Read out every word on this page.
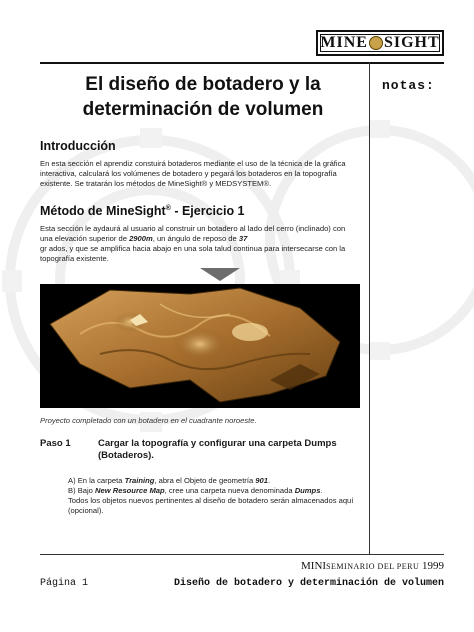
MINE SIGHT
notas:
El diseño de botadero y la
determinación de volumen
Introducción
En esta sección el aprendiz constuirá botaderos mediante el uso de la técnica de la gráfica
interactiva, calculará los volúmenes de botadero y pegará los botaderos en la topografía
existente. Se tratarán los métodos de MineSight® y MEDSYSTEM®.
Método de MineSight® - Ejercicio 1
Esta sección le aydaurá al usuario al construir un botadero al lado del cerro (inclinado) con
una elevación superior de 2900m, un ángulo de reposo de 37
gr ados, y que se amplifica hacia abajo en una sola talud continua para intersecarse con la
topografía existente.
Proyecto completado con un botadero en el cuadrante noroeste.
Paso 1	Cargar la topografía y configurar una carpeta Dumps (Botaderos).
A) En la carpeta Training, abra el Objeto de geometría 901.
B) Bajo New Resource Map, cree una carpeta nueva denominada Dumps.
Todos los objetos nuevos pertinentes al diseño de botadero serán almacenados aquí
(opcional).
MINISEMINARIO DEL PERU 1999
Página 1	Diseño de botadero y determinación de volumen
